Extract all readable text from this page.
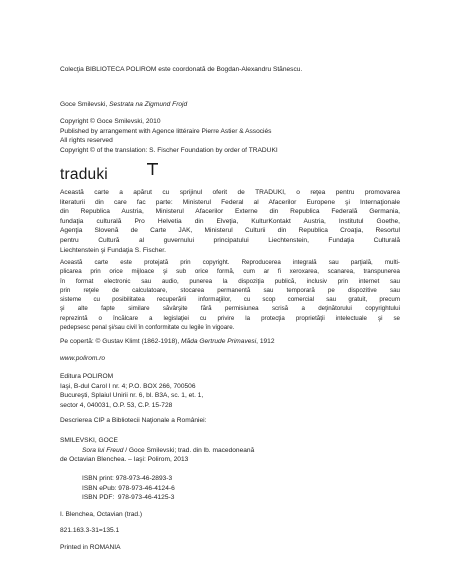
Colecţia BIBLIOTECA POLIROM este coordonată de Bogdan-Alexandru Stănescu.
Goce Smilevski, Sestrata na Zigmund Frojd
Copyright © Goce Smilevski, 2010
Published by arrangement with Agence littéraire Pierre Astier & Associés
All rights reserved
Copyright © of the translation: S. Fischer Foundation by order of TRADUKI
traduki
Această carte a apărut cu sprijinul oferit de TRADUKI, o reţea pentru promovarea
literaturii din care fac parte: Ministerul Federal al Afacerilor Europene şi Internaţionale
din Republica Austria, Ministerul Afacerilor Externe din Republica Federală Germania,
fundaţia culturală Pro Helvetia din Elveţia, KulturKontakt Austria, Institutul Goethe,
Agenţia Slovenă de Carte JAK, Ministerul Culturii din Republica Croaţia, Resortul
pentru Cultură al guvernului principatului Liechtenstein, Fundaţia Culturală
Liechtenstein şi Fundaţia S. Fischer.
Această carte este protejată prin copyright. Reproducerea integrală sau parţială, multi-
plicarea prin orice mijloace şi sub orice formă, cum ar fi xeroxarea, scanarea, transpunerea
în format electronic sau audio, punerea la dispoziţia publică, inclusiv prin internet sau
prin reţele de calculatoare, stocarea permanentă sau temporară pe dispozitive sau
sisteme cu posibilitatea recuperării informaţiilor, cu scop comercial sau gratuit, precum
şi alte fapte similare săvârşite fără permisiunea scrisă a deţinătorului copyrightului
reprezintă o încălcare a legislaţiei cu privire la protecţia proprietăţii intelectuale şi se
pedepsesc penal şi/sau civil în conformitate cu legile în vigoare.
Pe copertă: © Gustav Klimt (1862-1918), Mãda Gertrude Primavesi, 1912
www.polirom.ro
Editura POLIROM
Iaşi, B-dul Carol I nr. 4; P.O. BOX 266, 700506
Bucureşti, Splaiul Unirii nr. 6, bl. B3A, sc. 1, et. 1,
sector 4, 040031, O.P. 53, C.P. 15-728
Descrierea CIP a Bibliotecii Naţionale a României:
SMILEVSKI, GOCE
Sora lui Freud / Goce Smilevski; trad. din lb. macedoneană
de Octavian Blenchea. – Iaşi: Polirom, 2013
ISBN print: 978-973-46-2893-3
ISBN ePub: 978-973-46-4124-6
ISBN PDF:  978-973-46-4125-3
I. Blenchea, Octavian (trad.)
821.163.3-31=135.1
Printed in ROMANIA
